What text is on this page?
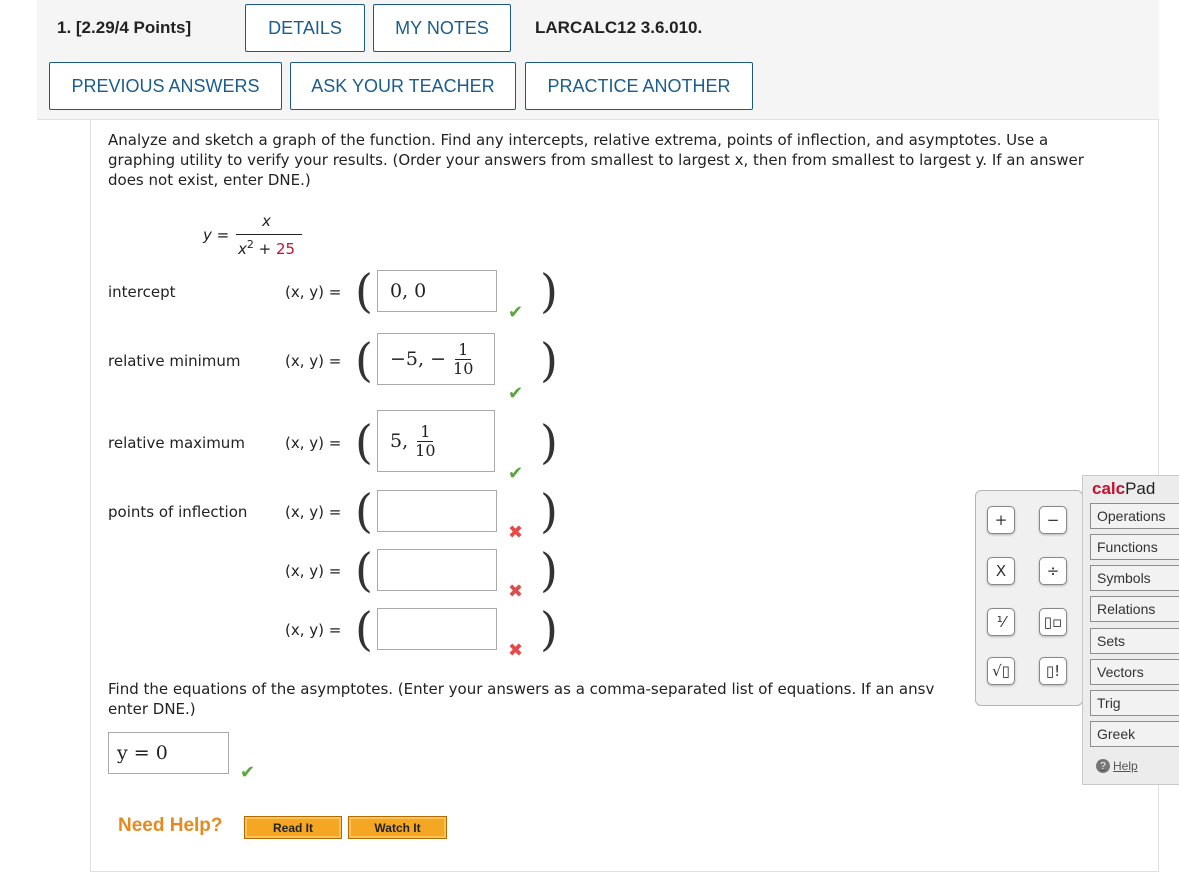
1. [2.29/4 Points]	DETAILS	MY NOTES	LARCALC12 3.6.010.
PREVIOUS ANSWERS	ASK YOUR TEACHER	PRACTICE ANOTHER
Analyze and sketch a graph of the function. Find any intercepts, relative extrema, points of inflection, and asymptotes. Use a graphing utility to verify your results. (Order your answers from smallest to largest x, then from smallest to largest y. If an answer does not exist, enter DNE.)
y =
x
$x^2 + 25$
intercept	(x, y) = ( 0, 0
✔ )
relative minimum	(x, y) = ( −5, − $\frac{1}{10}$
✔
)
relative maximum	(x, y) = ( 5, $\frac{1}{10}$
✔
)
points of inflection	(x, y) = (	✖ )
(x, y) = (	✖ )
(x, y) = (	✖ )
Find the equations of the asymptotes. (Enter your answers as a comma-separated list of equations. If an ansv
enter DNE.)
y = 0
✔
Need Help?	Read It	Watch It
+	−
X	÷
⅟	▯▫
√▯	▯!
calcPad
Operations
Functions
Symbols
Relations
Sets
Vectors
Trig
Greek
? Help
